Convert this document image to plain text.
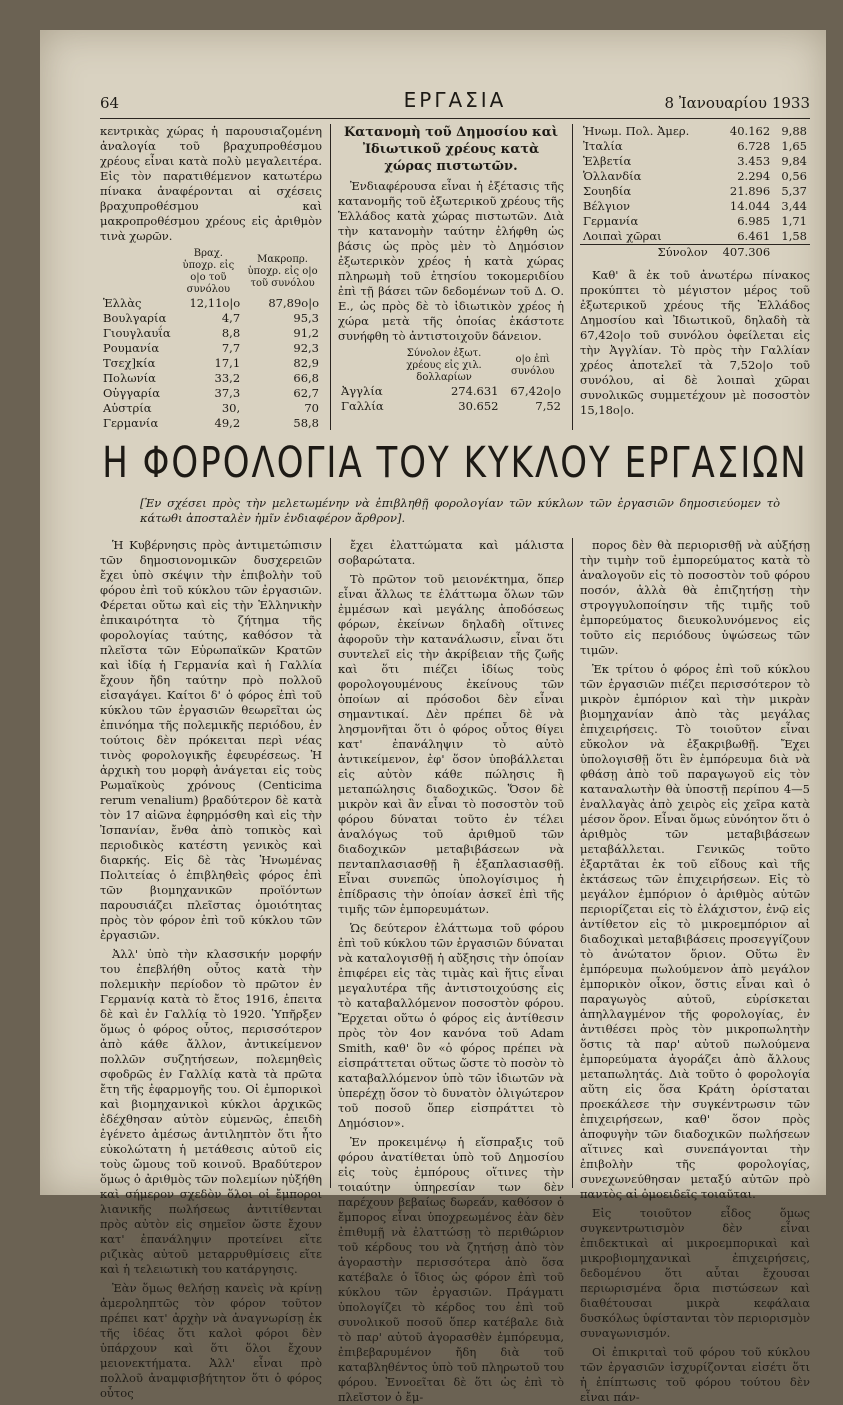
64	ΕΡΓΑΣΙΑ	8 Ἰανουαρίου 1933

κεντρικὰς χώρας ἡ παρουσιαζομένη ἀναλογία τοῦ βραχυπροθέσμου χρέους εἶναι κατὰ πολὺ μεγαλειτέρα. Εἰς τὸν παρατιθέμενον κατωτέρω πίνακα ἀναφέρονται αἱ σχέσεις βραχυπροθέσμου καὶ μακροπροθέσμου χρέους εἰς ἀριθμὸν τινὰ χωρῶν.

	Βραχ. ὑποχρ. εἰς ο|ο τοῦ συνόλου	Μακροπρ. ὑποχρ. εἰς ο|ο τοῦ συνόλου
Ἑλλὰς	12,11ο|ο	87,89ο|ο
Βουλγαρία	4,7	95,3
Γιουγλαυΐα	8,8	91,2
Ρουμανία	7,7	92,3
Τσεχ]κία	17,1	82,9
Πολωνία	33,2	66,8
Οὑγγαρία	37,3	62,7
Αὐστρία	30,	70
Γερμανία	49,2	58,8
Κατανομὴ τοῦ Δημοσίου καὶ Ἰδιωτικοῦ χρέους κατὰ χώρας πιστωτῶν.

Ἐνδιαφέρουσα εἶναι ἡ ἐξέτασις τῆς κατανομῆς τοῦ ἐξωτερικοῦ χρέους τῆς Ἑλλάδος κατὰ χώρας πιστωτῶν. Διὰ τὴν κατανομὴν ταύτην ἐλήφθη ὡς βάσις ὡς πρὸς μὲν τὸ Δημόσιον ἐξωτερικὸν χρέος ἡ κατὰ χώρας πληρωμὴ τοῦ ἐτησίου τοκομεριδίου ἐπὶ τῇ βάσει τῶν δεδομένων τοῦ Δ. Ο. Ε., ὡς πρὸς δὲ τὸ ἰδιωτικὸν χρέος ἡ χώρα μετὰ τῆς ὁποίας ἑκάστοτε συνήφθη τὸ ἀντιστοιχοῦν δάνειον.

	Σύνολον ἐξωτ. χρέους εἰς χιλ. δολλαρίων	ο|ο ἐπὶ συνόλου
Ἀγγλία	274.631	67,42ο|ο
Γαλλία	30.652	7,52
Ἡνωμ. Πολ. Ἀμερ.	40.162	9,88
Ἰταλία	6.728	1,65
Ἑλβετία	3.453	9,84
Ὁλλανδία	2.294	0,56
Σουηδία	21.896	5,37
Βέλγιον	14.044	3,44
Γερμανία	6.985	1,71
Λοιπαὶ χῶραι	6.461	1,58
Σύνολον	407.306	

Καθ' ἃ ἐκ τοῦ ἀνωτέρω πίνακος προκύπτει τὸ μέγιστον μέρος τοῦ ἐξωτερικοῦ χρέους τῆς Ἑλλάδος Δημοσίου καὶ Ἰδιωτικοῦ, δηλαδὴ τὰ 67,42ο|ο τοῦ συνόλου ὀφείλεται εἰς τὴν Ἀγγλίαν. Τὸ πρὸς τὴν Γαλλίαν χρέος ἀποτελεῖ τὰ 7,52ο|ο τοῦ συνόλου, αἱ δὲ λοιπαὶ χῶραι συνολικῶς συμμετέχουν μὲ ποσοστὸν 15,18ο|ο.

Η ΦΟΡΟΛΟΓΙΑ ΤΟΥ ΚΥΚΛΟΥ ΕΡΓΑΣΙΩΝ
[Ἐν σχέσει πρὸς τὴν μελετωμένην νὰ ἐπιβληθῇ φορολογίαν τῶν κύκλων τῶν ἐργασιῶν δημοσιεύομεν τὸ κάτωθι ἀποσταλὲν ἡμῖν ἐνδιαφέρον ἄρθρον].

Ἡ Κυβέρνησις πρὸς ἀντιμετώπισιν τῶν δημοσιονομικῶν δυσχερειῶν ἔχει ὑπὸ σκέψιν τὴν ἐπιβολὴν τοῦ φόρου ἐπὶ τοῦ κύκλου τῶν ἐργασιῶν. Φέρεται οὕτω καὶ εἰς τὴν Ἑλληνικὴν ἐπικαιρότητα τὸ ζήτημα τῆς φορολογίας ταύτης, καθόσον τὰ πλεῖστα τῶν Εὐρωπαϊκῶν Κρατῶν καὶ ἰδίᾳ ἡ Γερμανία καὶ ἡ Γαλλία ἔχουν ἤδη ταύτην πρὸ πολλοῦ εἰσαγάγει. Καίτοι δ' ὁ φόρος ἐπὶ τοῦ κύκλου τῶν ἐργασιῶν θεωρεῖται ὡς ἐπινόημα τῆς πολεμικῆς περιόδου, ἐν τούτοις δὲν πρόκειται περὶ νέας τινὸς φορολογικῆς ἐφευρέσεως. Ἡ ἀρχικὴ του μορφὴ ἀνάγεται εἰς τοὺς Ρωμαϊκοὺς χρόνους (Centicima rerum venalium) βραδύτερον δὲ κατὰ τὸν 17 αἰῶνα ἐφηρμόσθη καὶ εἰς τὴν Ἰσπανίαν, ἔνθα ἀπὸ τοπικὸς καὶ περιοδικὸς κατέστη γενικὸς καὶ διαρκής. Εἰς δὲ τὰς Ἡνωμένας Πολιτείας ὁ ἐπιβληθεὶς φόρος ἐπὶ τῶν βιομηχανικῶν προϊόντων παρουσιάζει πλεῖστας ὁμοιότητας πρὸς τὸν φόρον ἐπὶ τοῦ κύκλου τῶν ἐργασιῶν.

Ἀλλ' ὑπὸ τὴν κλασσικήν μορφήν του ἐπεβλήθη οὗτος κατὰ τὴν πολεμικὴν περίοδον τὸ πρῶτον ἐν Γερμανίᾳ κατὰ τὸ ἔτος 1916, ἐπειτα δὲ καὶ ἐν Γαλλίᾳ τὸ 1920. Ὑπῆρξεν ὅμως ὁ φόρος οὗτος, περισσότερον ἀπὸ κάθε ἄλλον, ἀντικείμενον πολλῶν συζητήσεων, πολεμηθεὶς σφοδρῶς ἐν Γαλλίᾳ κατὰ τὰ πρῶτα ἔτη τῆς ἐφαρμογῆς του. Οἱ ἐμπορικοὶ καὶ βιομηχανικοὶ κύκλοι ἀρχικῶς ἐδέχθησαν αὐτὸν εὐμενῶς, ἐπειδὴ ἐγένετο ἀμέσως ἀντιληπτὸν ὅτι ἦτο εὐκολώτατη ἡ μετάθεσις αὐτοῦ εἰς τοὺς ὤμους τοῦ κοινοῦ. Βραδύτερον ὅμως ὁ ἀριθμὸς τῶν πολεμίων ηὐξήθη καὶ σήμερον σχεδὸν ὅλοι οἱ ἔμποροι λιανικῆς πωλήσεως ἀντιτίθενται πρὸς αὐτὸν εἰς σημεῖον ὥστε ἔχουν κατ' ἐπανάληψιν προτείνει εἴτε ριζικὰς αὐτοῦ μεταρρυθμίσεις εἴτε καὶ ἡ τελειωτικὴ του κατάργησις.

Ἐὰν ὅμως θελήσῃ κανεὶς νὰ κρίνῃ ἀμεροληπτῶς τὸν φόρον τοῦτον πρέπει κατ' ἀρχὴν νὰ ἀναγνωρίσῃ ἐκ τῆς ἰδέας ὅτι καλοὶ φόροι δὲν ὑπάρχουν καὶ ὅτι ὅλοι ἔχουν μειονεκτήματα. Ἀλλ' εἶναι πρὸ πολλοῦ ἀναμφισβήτητον ὅτι ὁ φόρος οὗτος

ἔχει ἐλαττώματα καὶ μάλιστα σοβαρώτατα.

Τὸ πρῶτον τοῦ μειονέκτημα, ὅπερ εἶναι ἄλλως τε ἐλάττωμα ὅλων τῶν ἐμμέσων καὶ μεγάλης ἀποδόσεως φόρων, ἐκείνων δηλαδὴ οἵτινες ἀφοροῦν τὴν κατανάλωσιν, εἶναι ὅτι συντελεῖ εἰς τὴν ἀκρίβειαν τῆς ζωῆς καὶ ὅτι πιέζει ἰδίως τοὺς φορολογουμένους ἐκείνους τῶν ὁποίων αἱ πρόσοδοι δὲν εἶναι σημαντικαί. Δὲν πρέπει δὲ νὰ λησμονῆται ὅτι ὁ φόρος οὗτος θίγει κατ' ἐπανάληψιν τὸ αὐτὸ ἀντικείμενον, ἐφ' ὅσον ὑποβάλλεται εἰς αὐτὸν κάθε πώλησις ἢ μεταπώλησις διαδοχικῶς. Ὅσον δὲ μικρὸν καὶ ἂν εἶναι τὸ ποσοστὸν τοῦ φόρου δύναται τοῦτο ἐν τέλει ἀναλόγως τοῦ ἀριθμοῦ τῶν διαδοχικῶν μεταβιβάσεων νὰ πενταπλασιασθῇ ἢ ἑξαπλασιασθῇ. Εἶναι συνεπῶς ὑπολογίσιμος ἡ ἐπίδρασις τὴν ὁποίαν ἀσκεῖ ἐπὶ τῆς τιμῆς τῶν ἐμπορευμάτων.

Ὡς δεύτερον ἐλάττωμα τοῦ φόρου ἐπὶ τοῦ κύκλου τῶν ἐργασιῶν δύναται νὰ καταλογισθῇ ἡ αὔξησις τὴν ὁποίαν ἐπιφέρει εἰς τὰς τιμὰς καὶ ἥτις εἶναι μεγαλυτέρα τῆς ἀντιστοιχούσης εἰς τὸ καταβαλλόμενον ποσοστὸν φόρου. Ἔρχεται οὕτω ὁ φόρος εἰς ἀντίθεσιν πρὸς τὸν 4ον κανόνα τοῦ Adam Smith, καθ' ὃν «ὁ φόρος πρέπει νὰ εἰσπράττεται οὕτως ὥστε τὸ ποσὸν τὸ καταβαλλόμενον ὑπὸ τῶν ἰδιωτῶν νὰ ὑπερέχῃ ὅσον τὸ δυνατὸν ὀλιγώτερον τοῦ ποσοῦ ὅπερ εἰσπράττει τὸ Δημόσιον».

Ἐν προκειμένῳ ἡ εἴσπραξις τοῦ φόρου ἀνατίθεται ὑπὸ τοῦ Δημοσίου εἰς τοὺς ἐμπόρους οἵτινες τὴν τοιαύτην ὑπηρεσίαν των δὲν παρέχουν βεβαίως δωρεάν, καθόσον ὁ ἔμπορος εἶναι ὑποχρεωμένος ἐὰν δὲν ἐπιθυμῇ νὰ ἐλαττώσῃ τὸ περιθώριον τοῦ κέρδους του νὰ ζητήσῃ ἀπὸ τὸν ἀγοραστὴν περισσότερα ἀπὸ ὅσα κατέβαλε ὁ ἴδιος ὡς φόρον ἐπὶ τοῦ κύκλου τῶν ἐργασιῶν. Πράγματι ὑπολογίζει τὸ κέρδος του ἐπὶ τοῦ συνολικοῦ ποσοῦ ὅπερ κατέβαλε διὰ τὸ παρ' αὐτοῦ ἀγορασθὲν ἐμπόρευμα, ἐπιβεβαρυμένον ἤδη διὰ τοῦ καταβληθέντος ὑπὸ τοῦ πληρωτοῦ του φόρου. Ἐννοεῖται δὲ ὅτι ὡς ἐπὶ τὸ πλεῖστον ὁ ἔμ-

πορος δὲν θὰ περιορισθῇ νὰ αὐξήσῃ τὴν τιμὴν τοῦ ἐμπορεύματος κατὰ τὸ ἀναλογοῦν εἰς τὸ ποσοστὸν τοῦ φόρου ποσόν, ἀλλὰ θὰ ἐπιζητήσῃ τὴν στρογγυλοποίησιν τῆς τιμῆς τοῦ ἐμπορεύματος διευκολυνόμενος εἰς τοῦτο εἰς περιόδους ὑψώσεως τῶν τιμῶν.

Ἐκ τρίτου ὁ φόρος ἐπὶ τοῦ κύκλου τῶν ἐργασιῶν πιέζει περισσότερον τὸ μικρὸν ἐμπόριον καὶ τὴν μικρὰν βιομηχανίαν ἀπὸ τὰς μεγάλας ἐπιχειρήσεις. Τὸ τοιοῦτον εἶναι εὔκολον νὰ ἐξακριβωθῇ. Ἔχει ὑπολογισθῇ ὅτι ἓν ἐμπόρευμα διὰ νὰ φθάσῃ ἀπὸ τοῦ παραγωγοῦ εἰς τὸν καταναλωτὴν θὰ ὑποστῇ περίπου 4—5 ἐναλλαγὰς ἀπὸ χειρὸς εἰς χεῖρα κατὰ μέσον ὅρον. Εἶναι ὅμως εὐνόητον ὅτι ὁ ἀριθμὸς τῶν μεταβιβάσεων μεταβάλλεται. Γενικῶς τοῦτο ἐξαρτᾶται ἐκ τοῦ εἴδους καὶ τῆς ἐκτάσεως τῶν ἐπιχειρήσεων. Εἰς τὸ μεγάλον ἐμπόριον ὁ ἀριθμὸς αὐτῶν περιορίζεται εἰς τὸ ἐλάχιστον, ἐνῷ εἰς ἀντίθετον εἰς τὸ μικροεμπόριον αἱ διαδοχικαὶ μεταβιβάσεις προσεγγίζουν τὸ ἀνώτατον ὅριον. Οὕτω ἓν ἐμπόρευμα πωλούμενον ἀπὸ μεγάλον ἐμπορικὸν οἶκον, ὅστις εἶναι καὶ ὁ παραγωγὸς αὐτοῦ, εὑρίσκεται ἀπηλλαγμένον τῆς φορολογίας, ἐν ἀντιθέσει πρὸς τὸν μικροπωλητὴν ὅστις τὰ παρ' αὐτοῦ πωλούμενα ἐμπορεύματα ἀγοράζει ἀπὸ ἄλλους μεταπωλητάς. Διὰ τοῦτο ὁ φορολογία αὕτη εἰς ὅσα Κράτη ὁρίσταται προεκάλεσε τὴν συγκέντρωσιν τῶν ἐπιχειρήσεων, καθ' ὅσον πρὸς ἀποφυγὴν τῶν διαδοχικῶν πωλήσεων αἵτινες καὶ συνεπάγονται τὴν ἐπιβολὴν τῆς φορολογίας, συνεχωνεύθησαν μεταξύ αὐτῶν πρὸ παντὸς αἱ ὁμοειδεῖς τοιαῦται.

Εἰς τοιοῦτον εἶδος ὅμως συγκεντρωτισμὸν δὲν εἶναι ἐπιδεκτικαὶ αἱ μικροεμπορικαὶ καὶ μικροβιομηχανικαὶ ἐπιχειρήσεις, δεδομένου ὅτι αὗται ἔχουσαι περιωρισμένα ὅρια πιστώσεων καὶ διαθέτουσαι μικρὰ κεφάλαια δυσκόλως ὑφίστανται τὸν περιορισμὸν συναγωνισμόν.

Οἱ ἐπικριταὶ τοῦ φόρου τοῦ κύκλου τῶν ἐργασιῶν ἰσχυρίζονται εἰσέτι ὅτι ἡ ἐπίπτωσις τοῦ φόρου τούτου δὲν εἶναι πάν-
